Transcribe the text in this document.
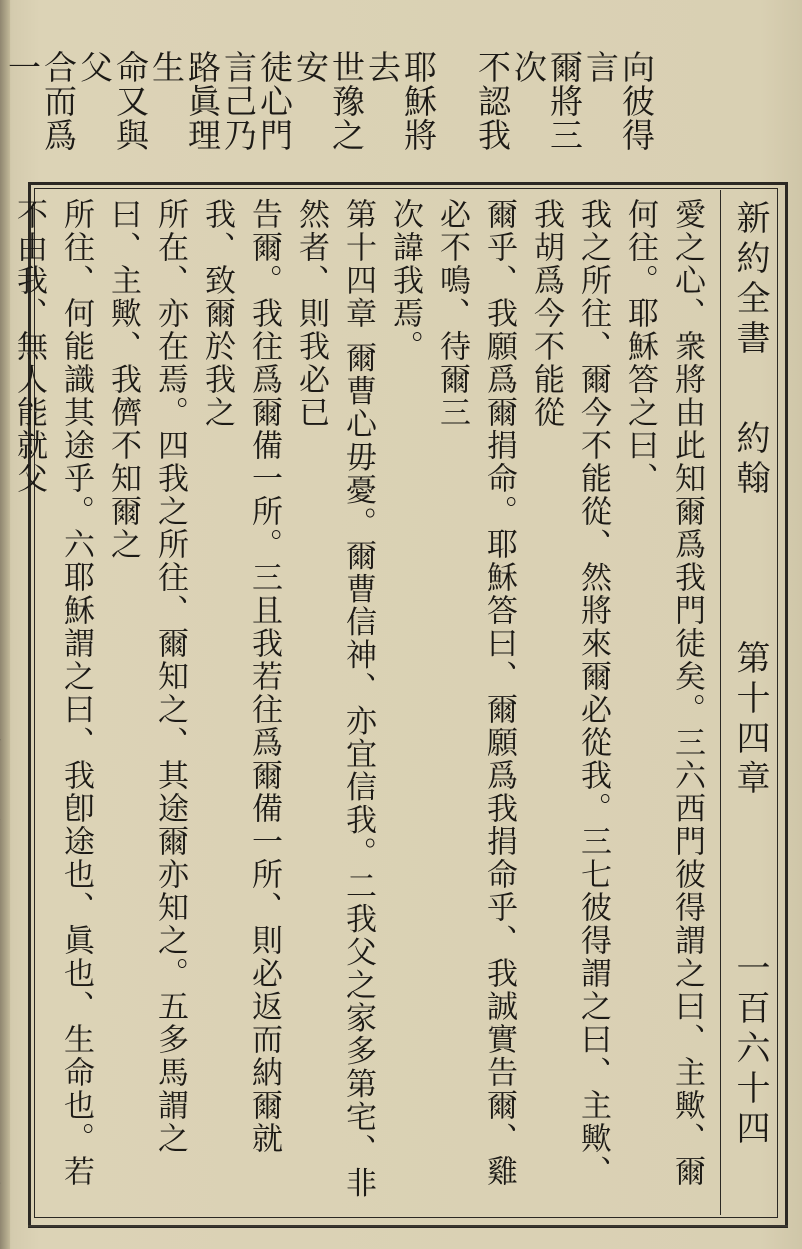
向彼得言
爾將三次
不認我
耶穌將去
世豫之安
徒心門
言己乃
路眞理生
命又與父
合而爲一
新約全書
約翰
第十四章
一百六十四

愛之心、衆將由此知爾爲我門徒矣。三六西門彼得謂之曰、主歟、爾何往。耶穌答之曰、

我之所往、爾今不能從、然將來爾必從我。三七彼得謂之曰、主歟、我胡爲今不能從

爾乎、我願爲爾捐命。耶穌答曰、爾願爲我捐命乎、我誠實告爾、雞必不鳴、待爾三

次諱我焉。

第十四章 爾曹心毋憂。爾曹信神、亦宜信我。二我父之家多第宅、非然者、則我必已

告爾。我往爲爾備一所。三且我若往爲爾備一所、則必返而納爾就我、致爾於我之

所在、亦在焉。四我之所往、爾知之、其途爾亦知之。五多馬謂之曰、主歟、我儕不知爾之

所往、何能識其途乎。六耶穌謂之曰、我卽途也、眞也、生命也。若不由我、無人能就父
